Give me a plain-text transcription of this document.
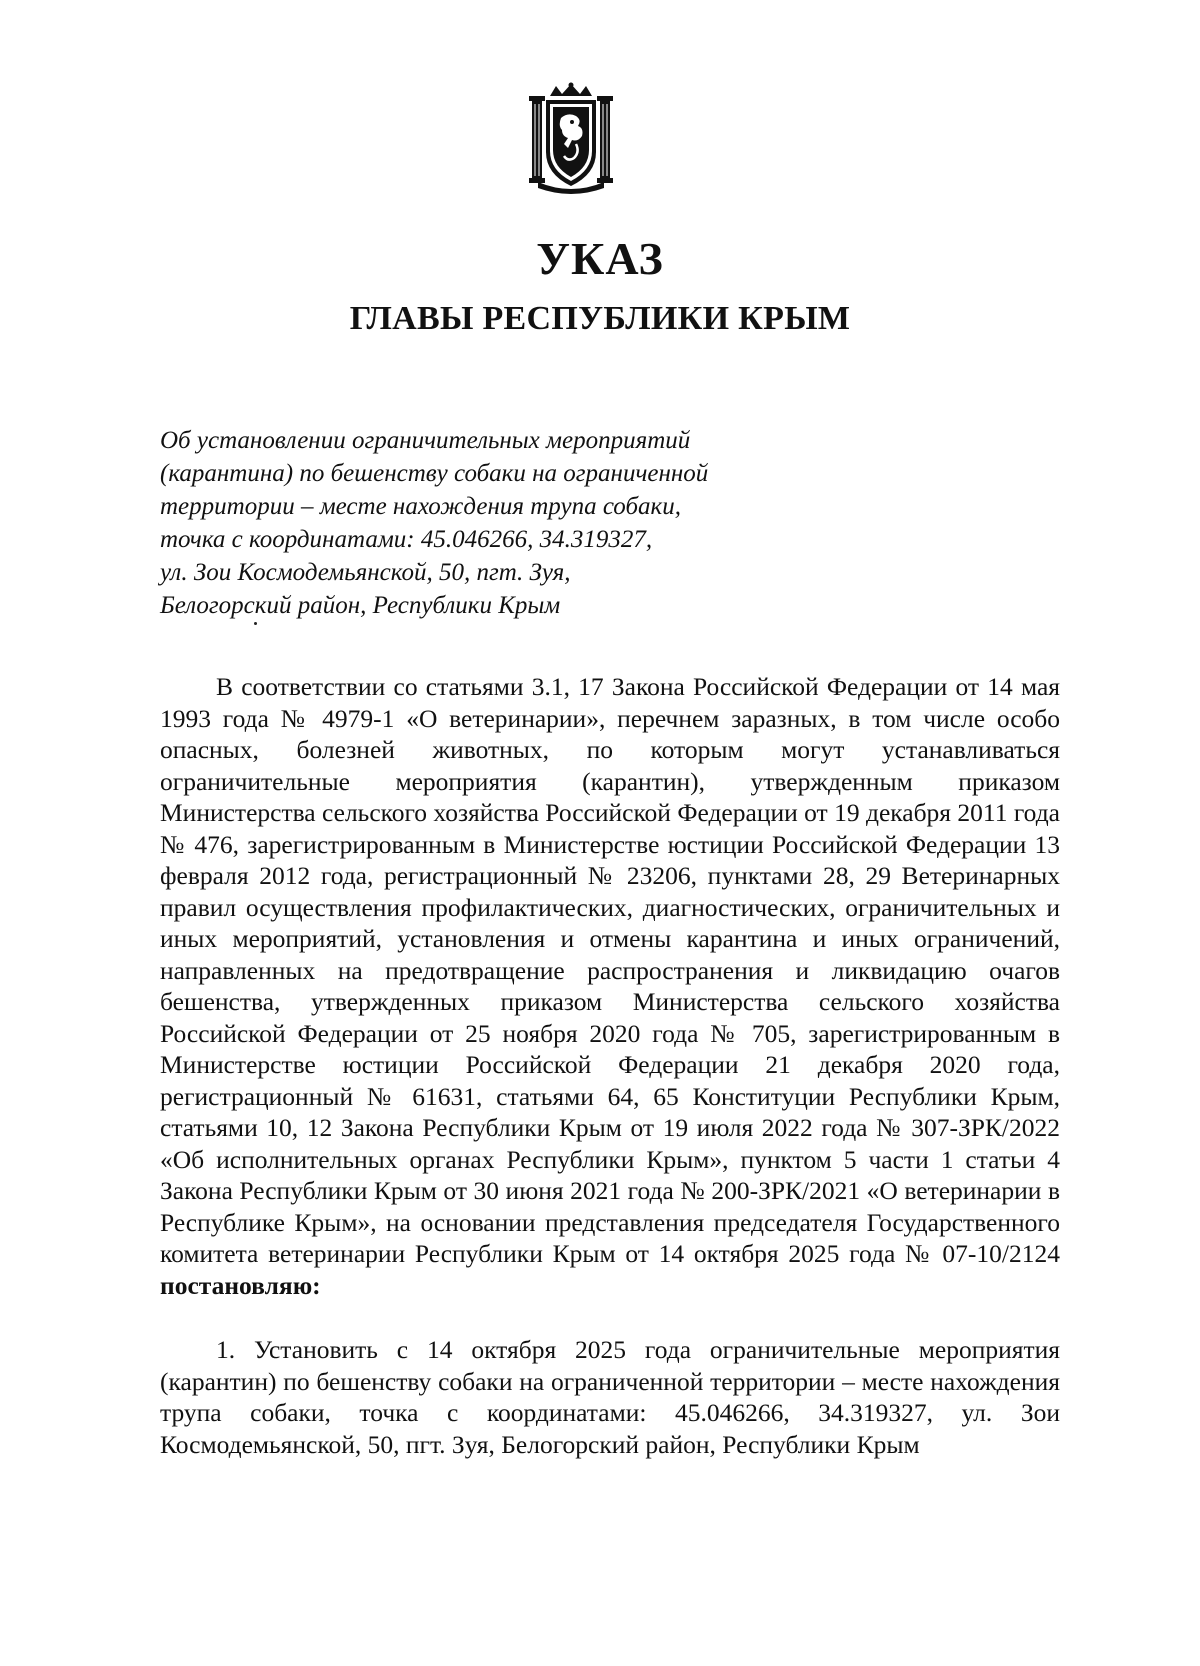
УКАЗ
ГЛАВЫ РЕСПУБЛИКИ КРЫМ
Об установлении ограничительных мероприятий
(карантина) по бешенству собаки на ограниченной
территории – месте нахождения трупа собаки,
точка с координатами: 45.046266, 34.319327,
ул. Зои Космодемьянской, 50, пгт. Зуя,
Белогорский район, Республики Крым

В соответствии со статьями 3.1, 17 Закона Российской Федерации от 14 мая 1993 года № 4979-1 «О ветеринарии», перечнем заразных, в том числе особо опасных, болезней животных, по которым могут устанавливаться ограничительные мероприятия (карантин), утвержденным приказом Министерства сельского хозяйства Российской Федерации от 19 декабря 2011 года № 476, зарегистрированным в Министерстве юстиции Российской Федерации 13 февраля 2012 года, регистрационный № 23206, пунктами 28, 29 Ветеринарных правил осуществления профилактических, диагностических, ограничительных и иных мероприятий, установления и отмены карантина и иных ограничений, направленных на предотвращение распространения и ликвидацию очагов бешенства, утвержденных приказом Министерства сельского хозяйства Российской Федерации от 25 ноября 2020 года № 705, зарегистрированным в Министерстве юстиции Российской Федерации 21 декабря 2020 года, регистрационный № 61631, статьями 64, 65 Конституции Республики Крым, статьями 10, 12 Закона Республики Крым от 19 июля 2022 года № 307-ЗРК/2022 «Об исполнительных органах Республики Крым», пунктом 5 части 1 статьи 4 Закона Республики Крым от 30 июня 2021 года № 200-ЗРК/2021 «О ветеринарии в Республике Крым», на основании представления председателя Государственного комитета ветеринарии Республики Крым от 14 октября 2025 года № 07-10/2124 постановляю:

1. Установить с 14 октября 2025 года ограничительные мероприятия (карантин) по бешенству собаки на ограниченной территории – месте нахождения трупа собаки, точка с координатами: 45.046266, 34.319327, ул. Зои Космодемьянской, 50, пгт. Зуя, Белогорский район, Республики Крым
